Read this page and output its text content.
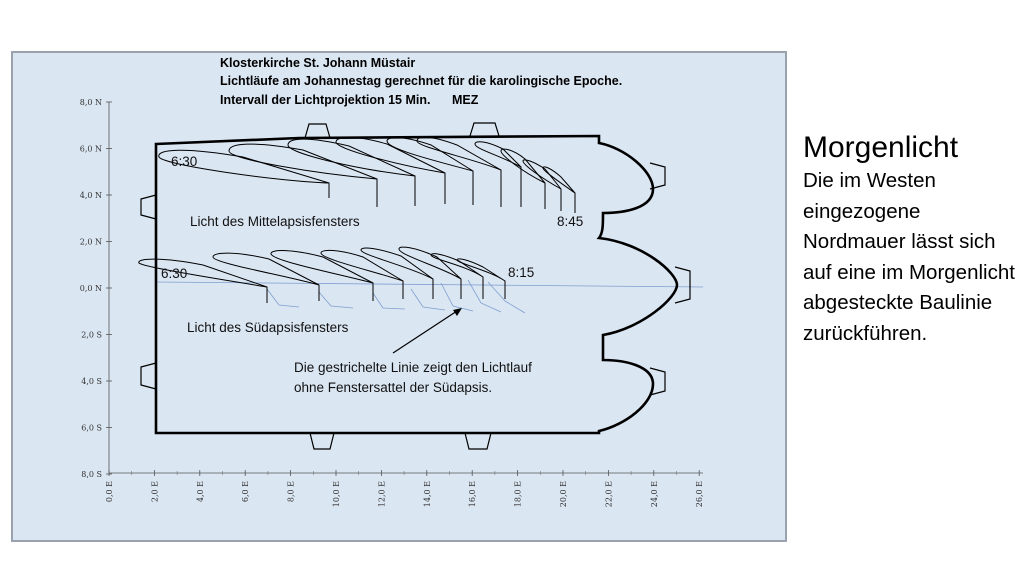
8,0 N
6,0 N
4,0 N
2,0 N
0,0 N
2,0 S
4,0 S
6,0 S
8,0 S
0,0 E	2,0 E	4,0 E	6,0 E	8,0 E	10,0 E	12,0 E	14,0 E	16,0 E	18,0 E	20,0 E	22,0 E	24,0 E	26,0 E
6:30
8:45
Licht des Mittelapsisfensters
6:30	8:15
Licht des Südapsisfensters
Die gestrichelte Linie zeigt den Lichtlauf
ohne Fenstersattel der Südapsis.
Klosterkirche St. Johann Müstair
Lichtläufe am Johannestag gerechnet für die karolingische Epoche.
Intervall der Lichtprojektion 15 Min. MEZ
Morgenlicht
Die im Westen eingezogene Nordmauer lässt sich auf eine im Morgenlicht abgesteckte Baulinie zurückführen.
